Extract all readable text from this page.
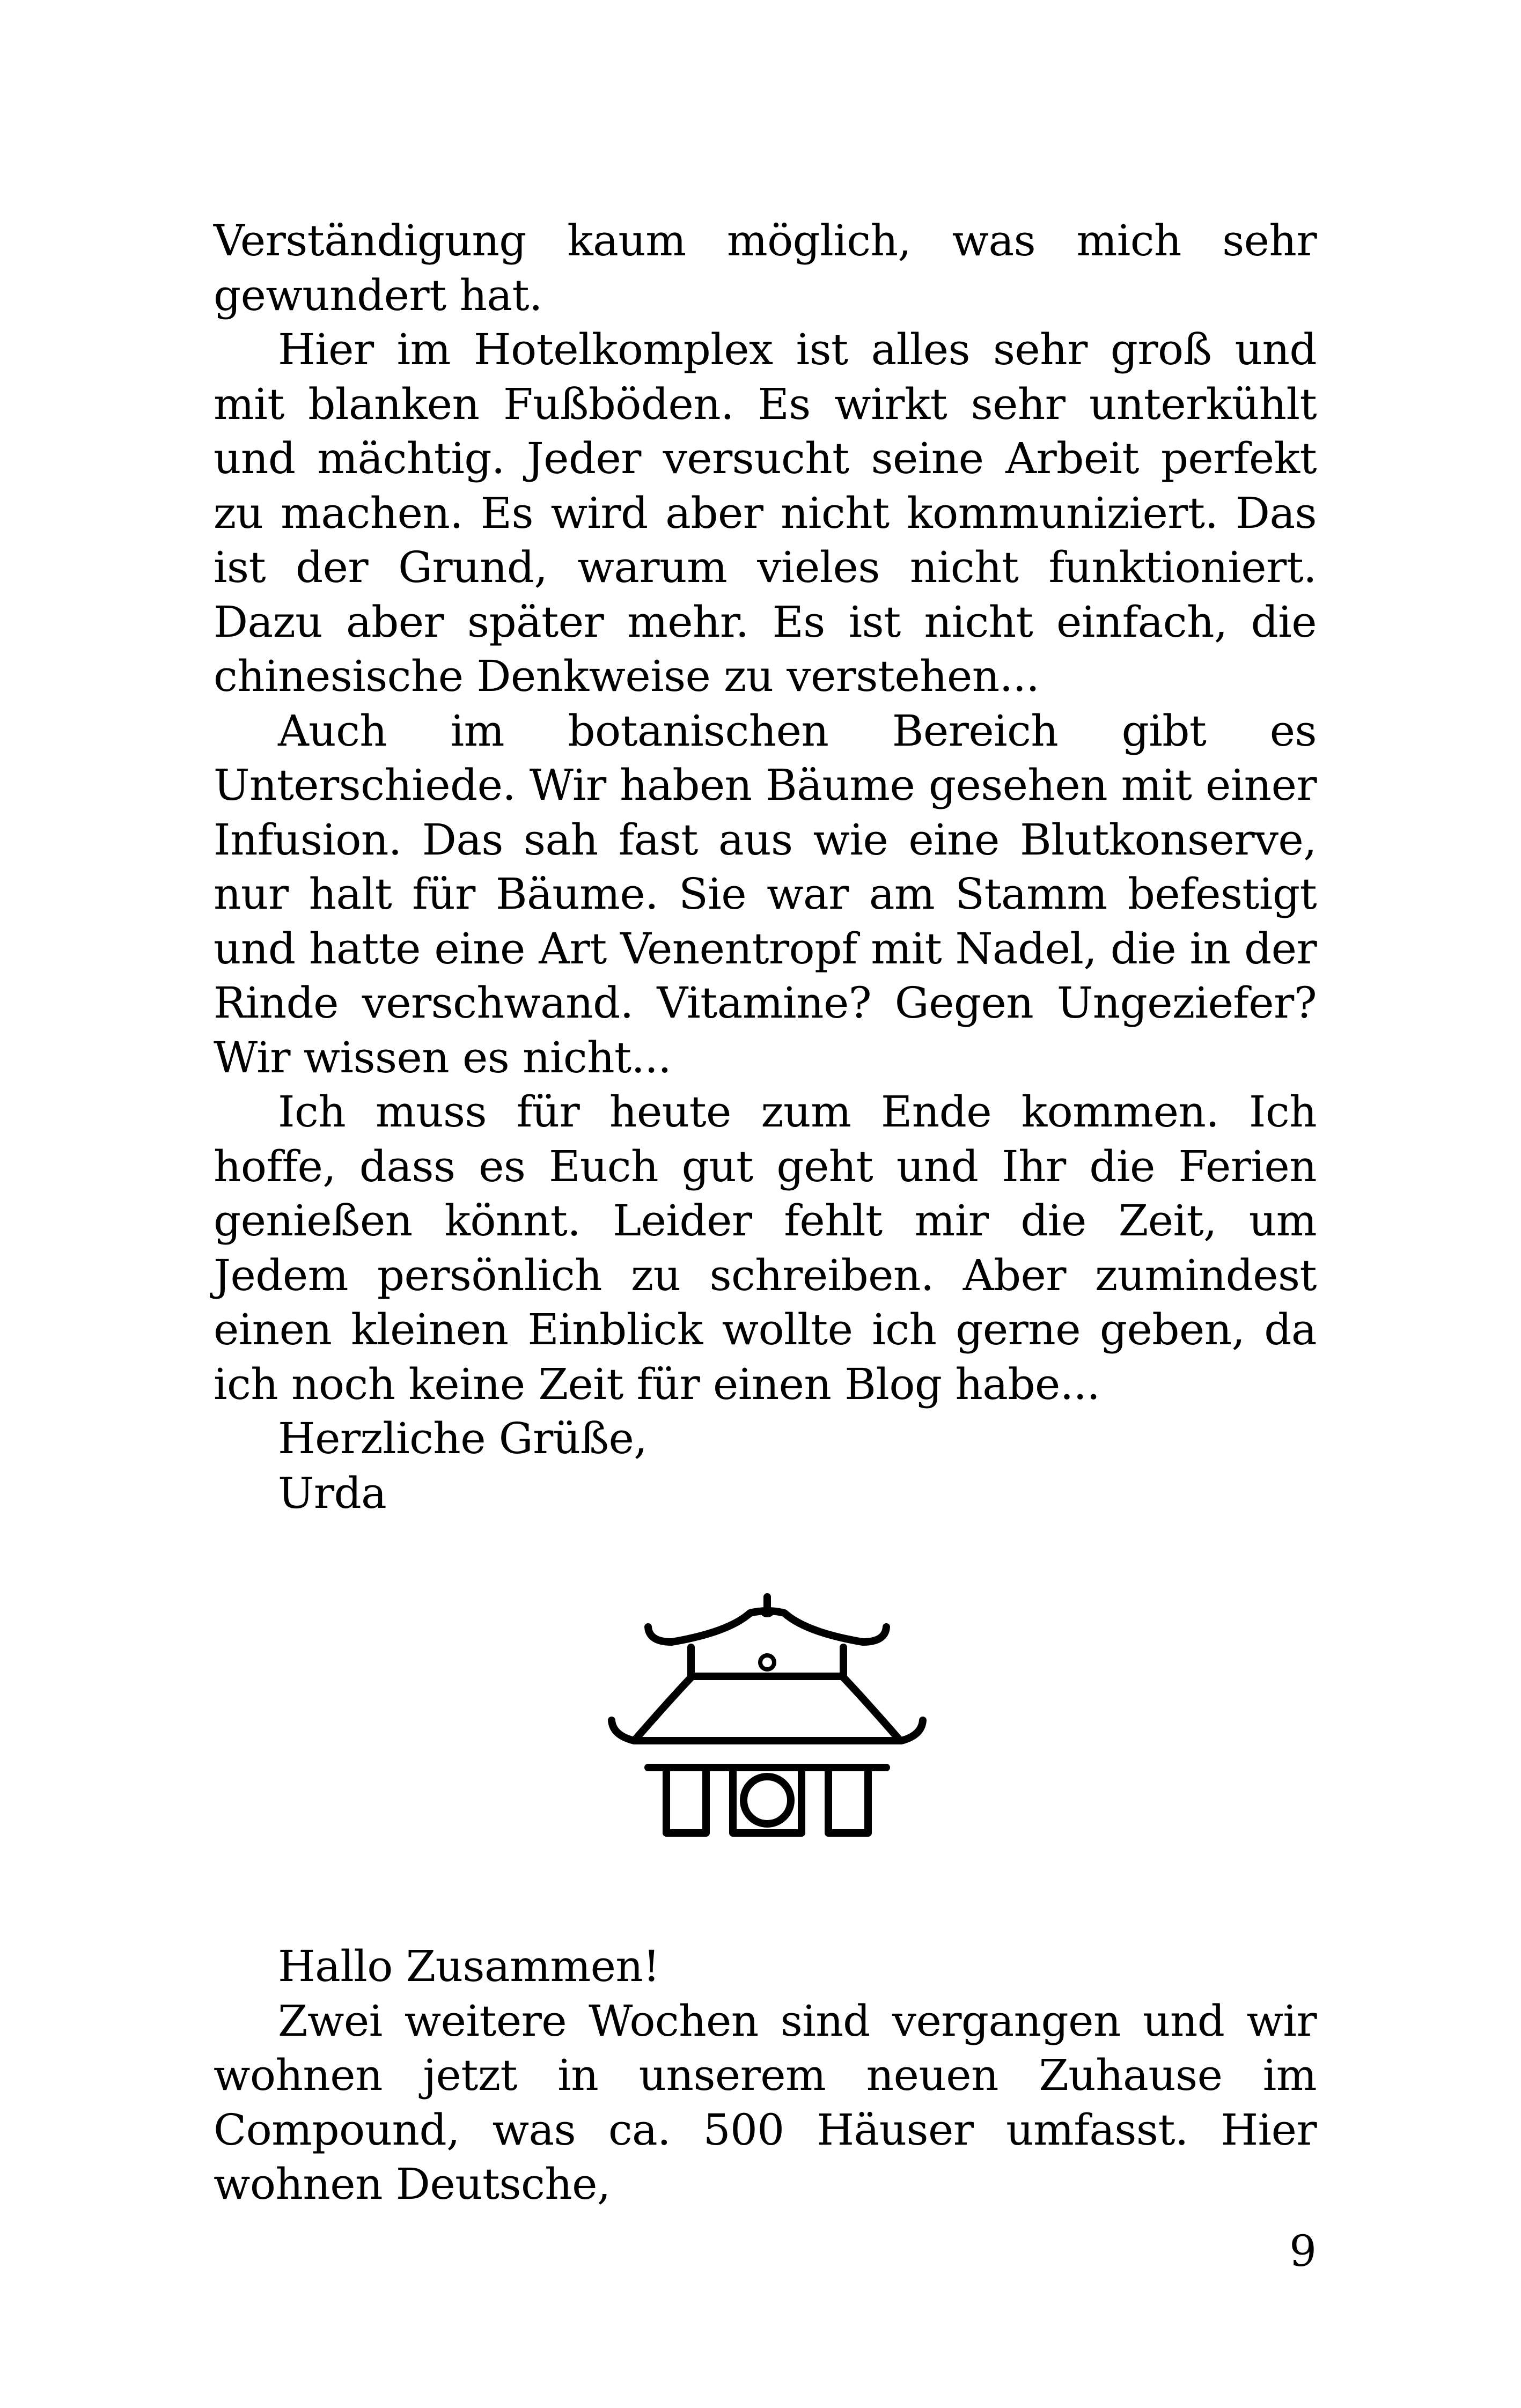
Verständigung kaum möglich, was mich sehr gewundert hat.

Hier im Hotelkomplex ist alles sehr groß und mit blanken Fußböden. Es wirkt sehr unterkühlt und mächtig. Jeder versucht seine Arbeit perfekt zu machen. Es wird aber nicht kommuniziert. Das ist der Grund, warum vieles nicht funktioniert. Dazu aber später mehr. Es ist nicht einfach, die chinesische Denkweise zu verstehen...

Auch im botanischen Bereich gibt es Unterschiede. Wir haben Bäume gesehen mit einer Infusion. Das sah fast aus wie eine Blutkonserve, nur halt für Bäume. Sie war am Stamm befestigt und hatte eine Art Venentropf mit Nadel, die in der Rinde verschwand. Vitamine? Gegen Ungeziefer? Wir wissen es nicht...

Ich muss für heute zum Ende kommen. Ich hoffe, dass es Euch gut geht und Ihr die Ferien genießen könnt. Leider fehlt mir die Zeit, um Jedem persönlich zu schreiben. Aber zumindest einen kleinen Einblick wollte ich gerne geben, da ich noch keine Zeit für einen Blog habe...

Herzliche Grüße,

Urda

Hallo Zusammen!

Zwei weitere Wochen sind vergangen und wir wohnen jetzt in unserem neuen Zuhause im Compound, was ca. 500 Häuser umfasst. Hier wohnen Deutsche,

9
